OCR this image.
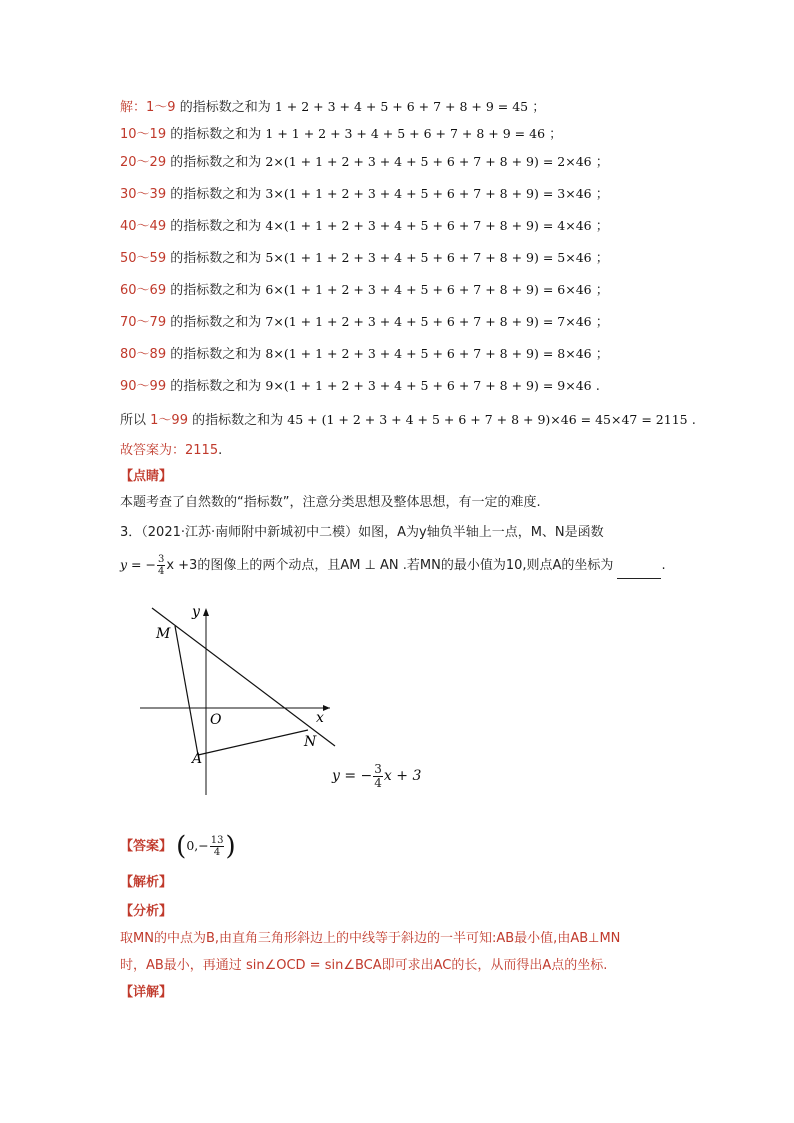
解：1～9 的指标数之和为 1 + 2 + 3 + 4 + 5 + 6 + 7 + 8 + 9 = 45 ；
10～19 的指标数之和为 1 + 1 + 2 + 3 + 4 + 5 + 6 + 7 + 8 + 9 = 46 ；
20～29 的指标数之和为 2×(1 + 1 + 2 + 3 + 4 + 5 + 6 + 7 + 8 + 9) = 2×46 ；
30～39 的指标数之和为 3×(1 + 1 + 2 + 3 + 4 + 5 + 6 + 7 + 8 + 9) = 3×46 ；
40～49 的指标数之和为 4×(1 + 1 + 2 + 3 + 4 + 5 + 6 + 7 + 8 + 9) = 4×46 ；
50～59 的指标数之和为 5×(1 + 1 + 2 + 3 + 4 + 5 + 6 + 7 + 8 + 9) = 5×46 ；
60～69 的指标数之和为 6×(1 + 1 + 2 + 3 + 4 + 5 + 6 + 7 + 8 + 9) = 6×46 ；
70～79 的指标数之和为 7×(1 + 1 + 2 + 3 + 4 + 5 + 6 + 7 + 8 + 9) = 7×46 ；
80～89 的指标数之和为 8×(1 + 1 + 2 + 3 + 4 + 5 + 6 + 7 + 8 + 9) = 8×46 ；
90～99 的指标数之和为 9×(1 + 1 + 2 + 3 + 4 + 5 + 6 + 7 + 8 + 9) = 9×46 .
所以 1～99 的指标数之和为 45 + (1 + 2 + 3 + 4 + 5 + 6 + 7 + 8 + 9)×46 = 45×47 = 2115 .
故答案为：2115.
【点睛】
本题考查了自然数的“指标数”，注意分类思想及整体思想，有一定的难度.
3．（2021·江苏·南师附中新城初中二模）如图，A为y轴负半轴上一点，M、N是函数
y = − $\frac{3}{4}$ x +3的图像上的两个动点，且AM ⊥ AN .若MN的最小值为10,则点A的坐标为	.
y
x
O
M
N
A
y = − $\frac{3}{4}$ x + 3
【答案】 ($0,- \frac{13}{4}$ )
【解析】
【分析】
取MN的中点为B,由直角三角形斜边上的中线等于斜边的一半可知:AB最小值,由AB⊥MN
时，AB最小，再通过 sin∠OCD = sin∠BCA即可求出AC的长，从而得出A点的坐标.
【详解】
